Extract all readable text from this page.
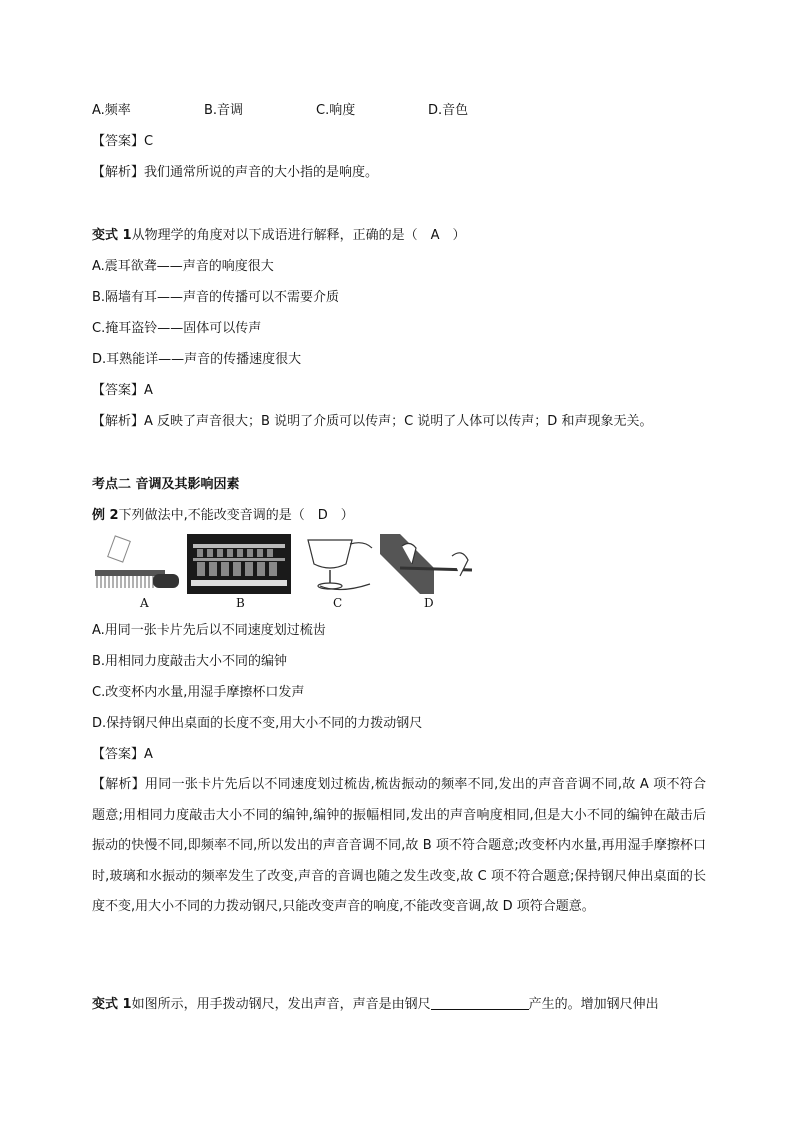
A.频率	B.音调	C.响度	D.音色
【答案】C
【解析】我们通常所说的声音的大小指的是响度。
变式 1从物理学的角度对以下成语进行解释，正确的是（　A　）
A.震耳欲聋——声音的响度很大
B.隔墙有耳——声音的传播可以不需要介质
C.掩耳盗铃——固体可以传声
D.耳熟能详——声音的传播速度很大
【答案】A
【解析】A 反映了声音很大；B 说明了介质可以传声；C 说明了人体可以传声；D 和声现象无关。
考点二 音调及其影响因素
例 2下列做法中,不能改变音调的是（　D　）
A	B	C	D
A.用同一张卡片先后以不同速度划过梳齿
B.用相同力度敲击大小不同的编钟
C.改变杯内水量,用湿手摩擦杯口发声
D.保持钢尺伸出桌面的长度不变,用大小不同的力拨动钢尺
【答案】A
【解析】用同一张卡片先后以不同速度划过梳齿,梳齿振动的频率不同,发出的声音音调不同,故 A 项不符合题意;用相同力度敲击大小不同的编钟,编钟的振幅相同,发出的声音响度相同,但是大小不同的编钟在敲击后振动的快慢不同,即频率不同,所以发出的声音音调不同,故 B 项不符合题意;改变杯内水量,再用湿手摩擦杯口时,玻璃和水振动的频率发生了改变,声音的音调也随之发生改变,故 C 项不符合题意;保持钢尺伸出桌面的长度不变,用大小不同的力拨动钢尺,只能改变声音的响度,不能改变音调,故 D 项符合题意。
变式 1如图所示，用手拨动钢尺，发出声音，声音是由钢尺	产生的。增加钢尺伸出
